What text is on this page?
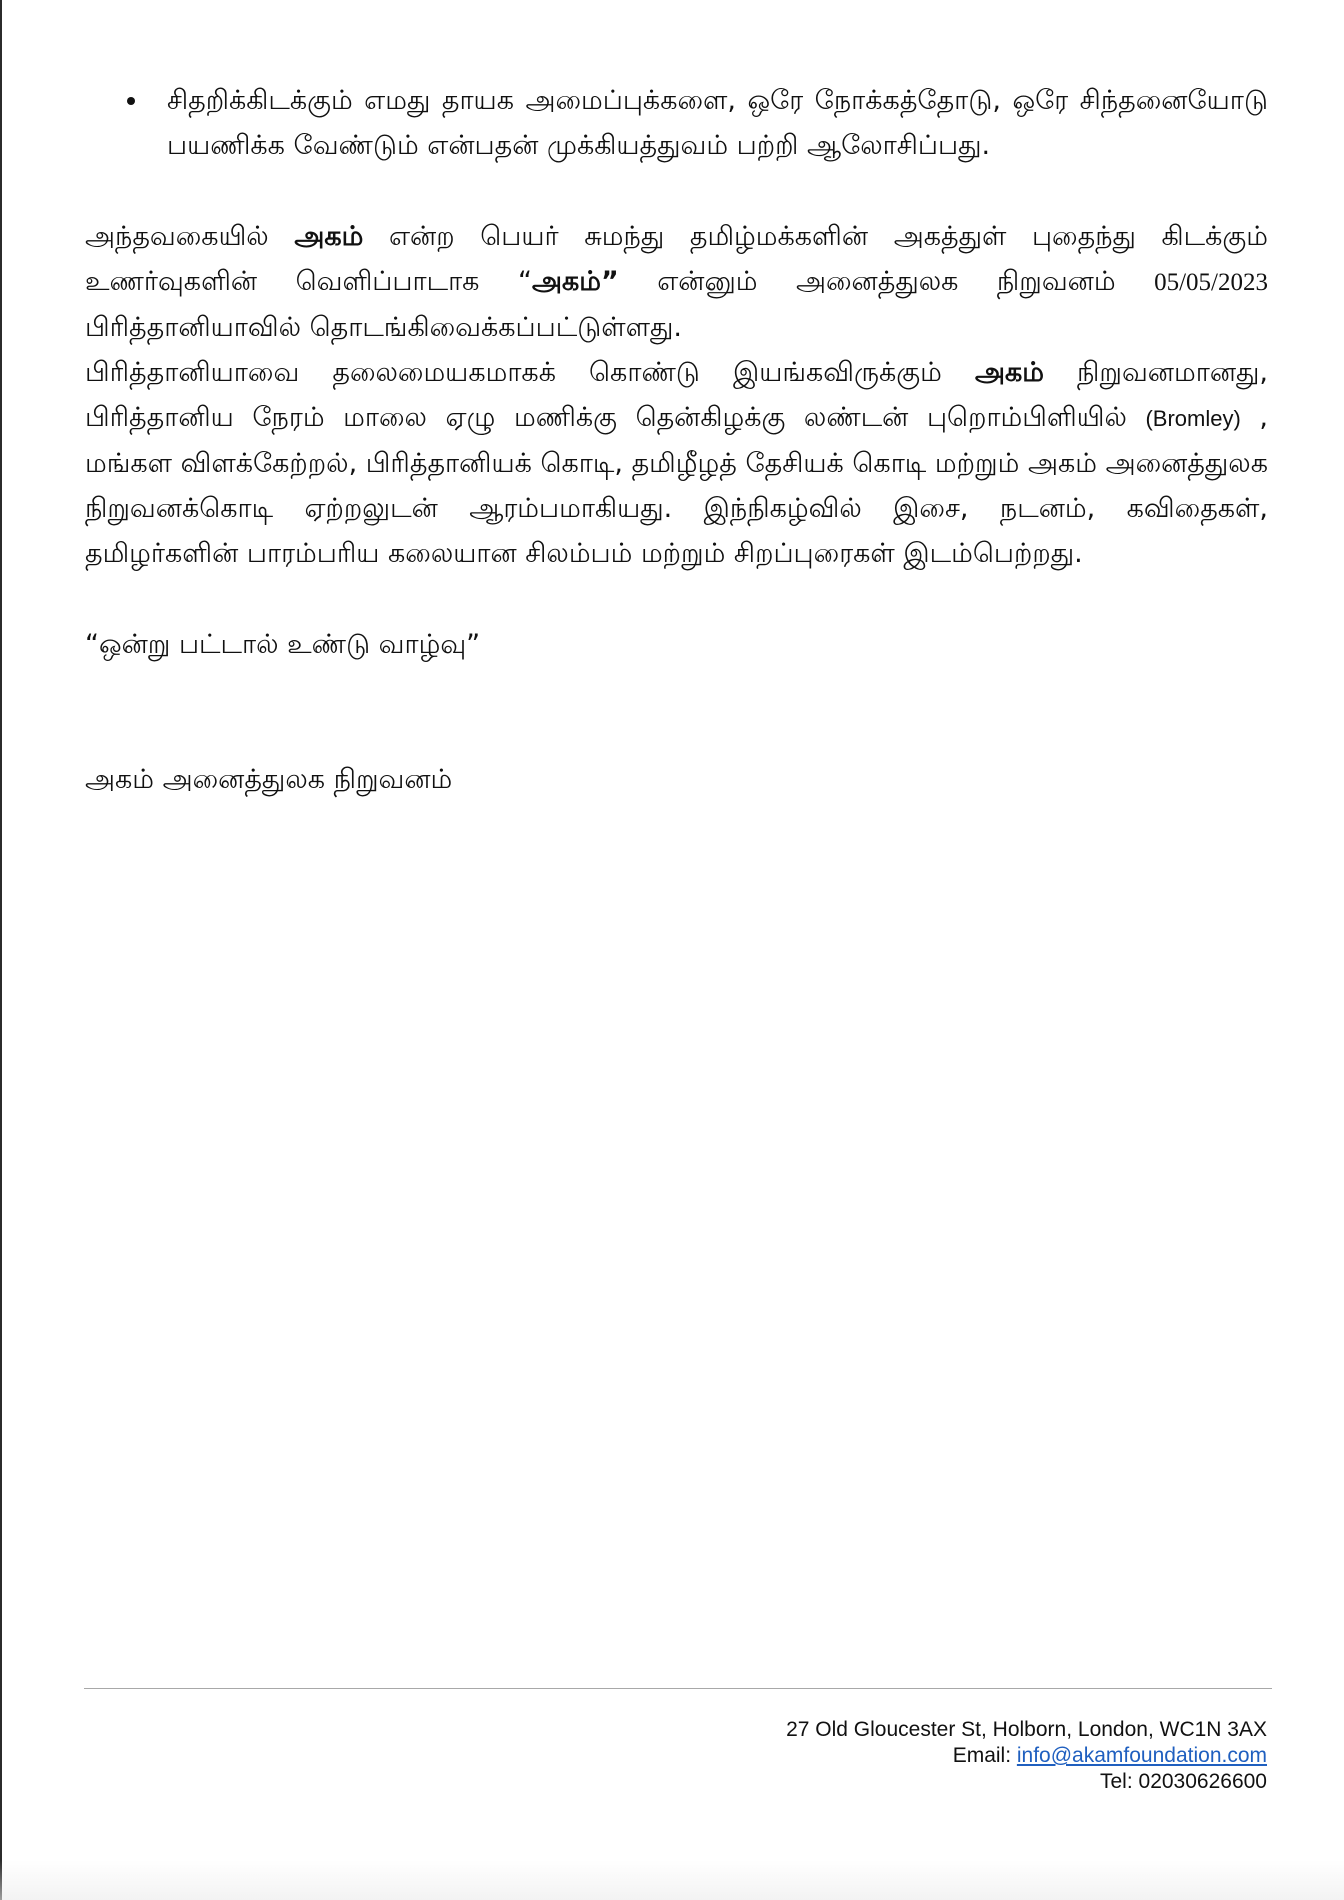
சிதறிக்கிடக்கும் எமது தாயக அமைப்புக்களை, ஒரே நோக்கத்தோடு, ஒரே சிந்தனையோடு பயணிக்க வேண்டும் என்பதன் முக்கியத்துவம் பற்றி ஆலோசிப்பது.

அந்தவகையில் அகம் என்ற பெயர் சுமந்து தமிழ்மக்களின் அகத்துள் புதைந்து கிடக்கும் உணர்வுகளின் வெளிப்பாடாக “அகம்” என்னும் அனைத்துலக நிறுவனம் 05/05/2023 பிரித்தானியாவில் தொடங்கிவைக்கப்பட்டுள்ளது.

பிரித்தானியாவை தலைமையகமாகக் கொண்டு இயங்கவிருக்கும் அகம் நிறுவனமானது, பிரித்தானிய நேரம் மாலை ஏழு மணிக்கு தென்கிழக்கு லண்டன் புறொம்பிளியில் (Bromley) , மங்கள விளக்கேற்றல், பிரித்தானியக் கொடி, தமிழீழத் தேசியக் கொடி மற்றும் அகம் அனைத்துலக நிறுவனக்கொடி ஏற்றலுடன் ஆரம்பமாகியது. இந்நிகழ்வில் இசை, நடனம், கவிதைகள், தமிழர்களின் பாரம்பரிய கலையான சிலம்பம் மற்றும் சிறப்புரைகள் இடம்பெற்றது.

“ஒன்று பட்டால் உண்டு வாழ்வு”

அகம் அனைத்துலக நிறுவனம்

27 Old Gloucester St, Holborn, London, WC1N 3AX
Email: info@akamfoundation.com
Tel: 02030626600
